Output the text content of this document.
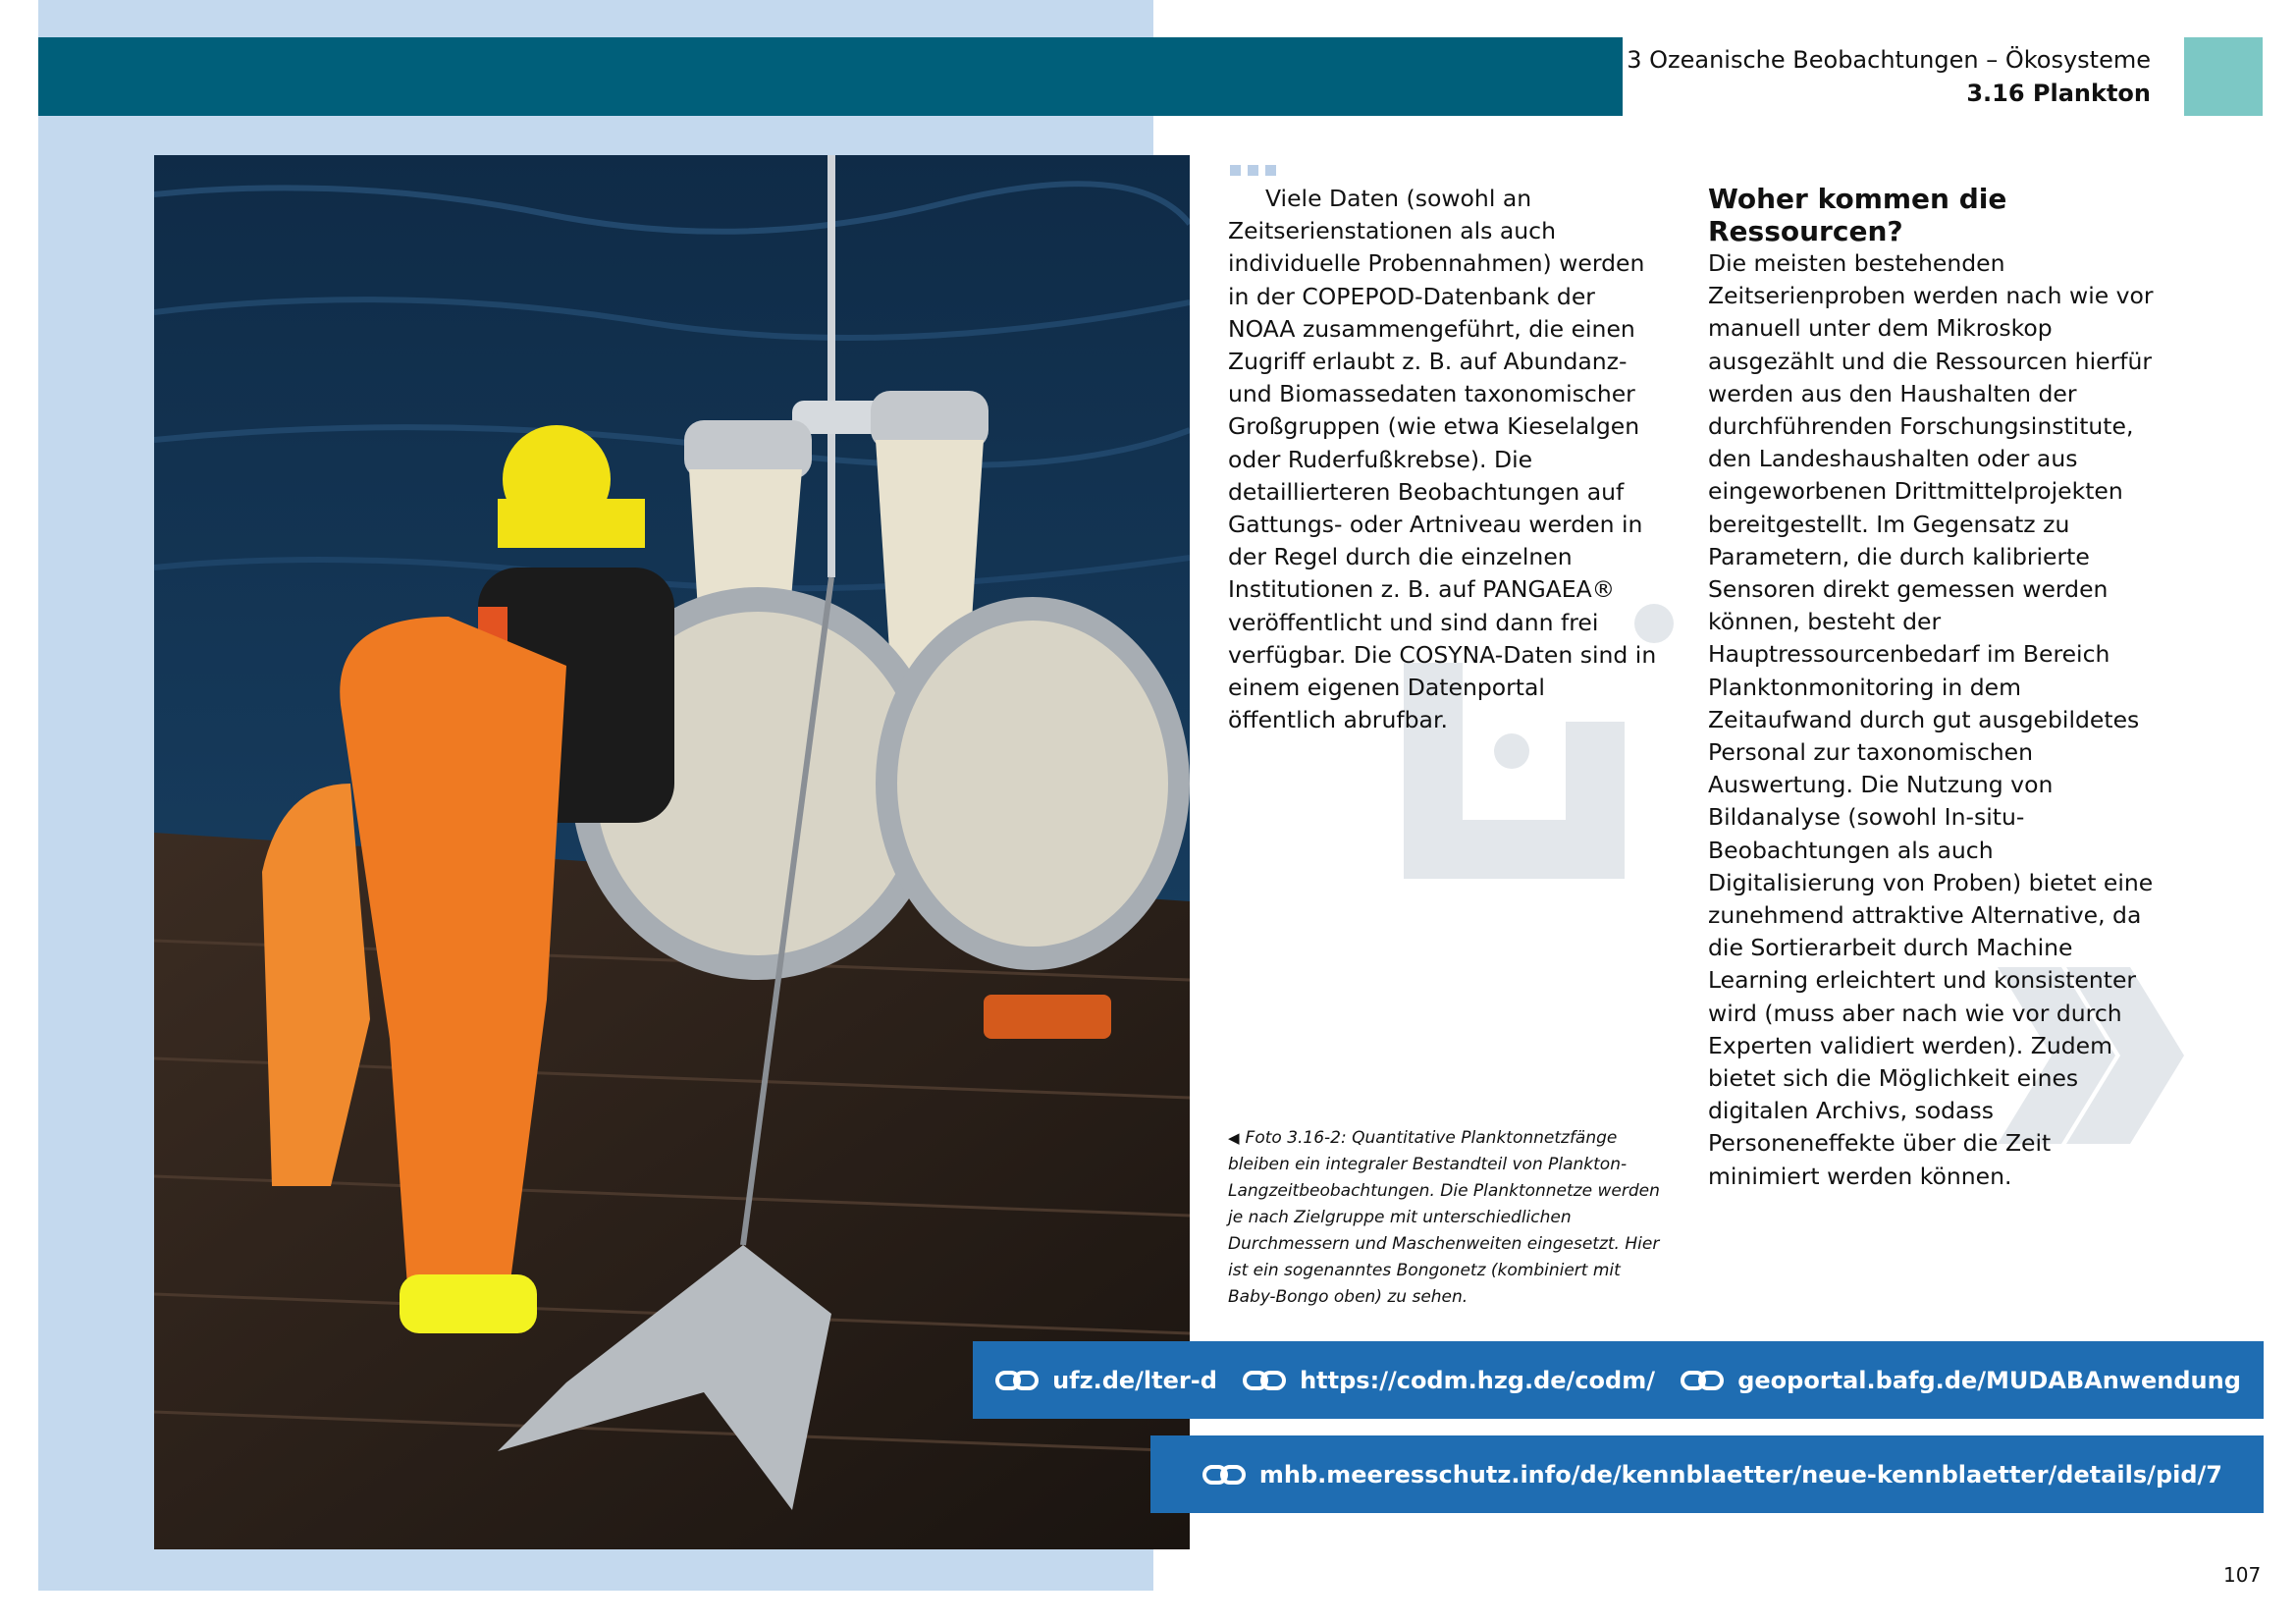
3 Ozeanische Beobachtungen – Ökosysteme
3.16 Plankton

Viele Daten (sowohl an Zeitserienstationen als auch individuelle Probennahmen) werden in der COPEPOD-Datenbank der NOAA zusammengeführt, die einen Zugriff erlaubt z. B. auf Abundanz- und Biomassedaten taxonomischer Großgruppen (wie etwa Kieselalgen oder Ruderfußkrebse). Die detaillierteren Beobachtungen auf Gattungs- oder Artniveau werden in der Regel durch die einzelnen Institutionen z. B. auf PANGAEA® veröffentlicht und sind dann frei verfügbar. Die COSYNA-Daten sind in einem eigenen Datenportal öffentlich abrufbar.

Woher kommen die Ressourcen?

Die meisten bestehenden Zeitserienproben werden nach wie vor manuell unter dem Mikroskop ausgezählt und die Ressourcen hierfür werden aus den Haushalten der durchführenden Forschungsinstitute, den Landeshaushalten oder aus eingeworbenen Drittmittelprojekten bereitgestellt. Im Gegensatz zu Parametern, die durch kalibrierte Sensoren direkt gemessen werden können, besteht der Hauptressourcenbedarf im Bereich Planktonmonitoring in dem Zeitaufwand durch gut ausgebildetes Personal zur taxonomischen Auswertung. Die Nutzung von Bildanalyse (sowohl In-situ-Beobachtungen als auch Digitalisierung von Proben) bietet eine zunehmend attraktive Alternative, da die Sortierarbeit durch Machine Learning erleichtert und konsistenter wird (muss aber nach wie vor durch Experten validiert werden). Zudem bietet sich die Möglichkeit eines digitalen Archivs, sodass Personeneffekte über die Zeit minimiert werden können.

◀ Foto 3.16-2: Quantitative Planktonnetzfänge bleiben ein integraler Bestandteil von Plankton-Langzeitbeobachtungen. Die Planktonnetze werden je nach Zielgruppe mit unterschiedlichen Durchmessern und Maschenweiten eingesetzt. Hier ist ein sogenanntes Bongonetz (kombiniert mit Baby-Bongo oben) zu sehen.
ufz.de/lter-d	https://codm.hzg.de/codm/	geoportal.bafg.de/MUDABAnwendung
mhb.meeresschutz.info/de/kennblaetter/neue-kennblaetter/details/pid/7
107
